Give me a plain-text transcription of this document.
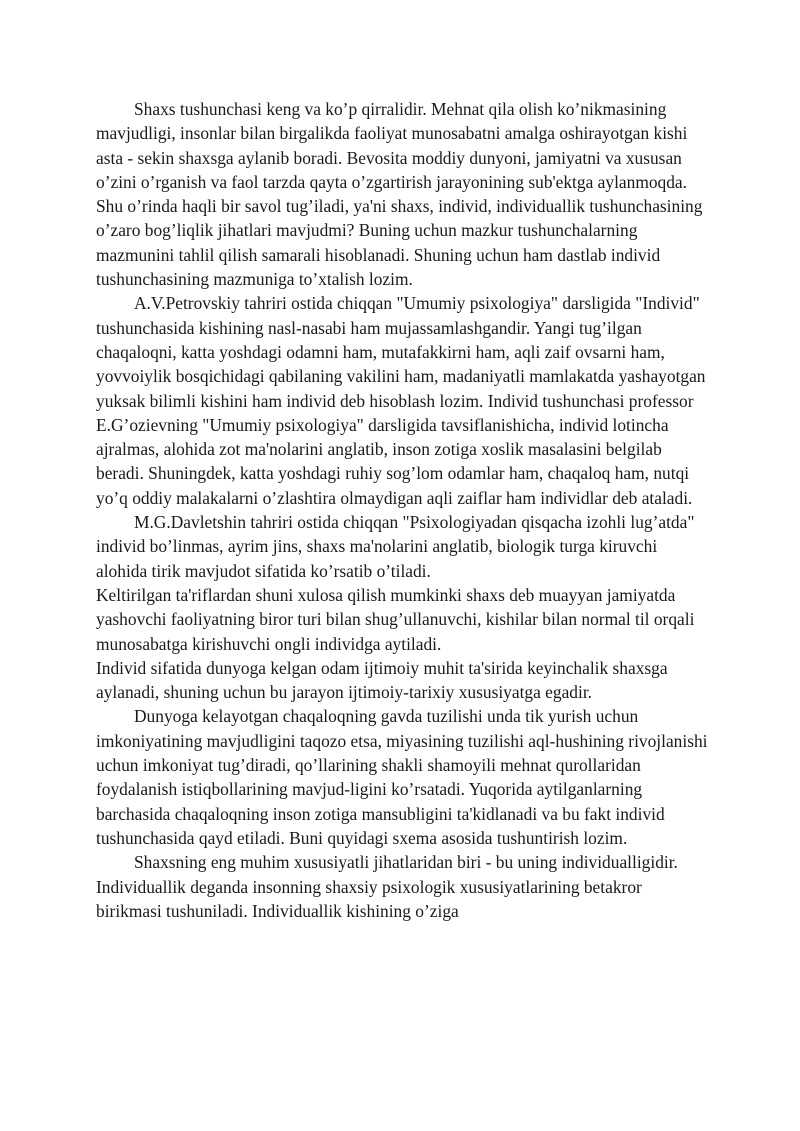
Shaxs tushunchasi keng va ko’p qirralidir. Mehnat qila olish ko’nikmasining mavjudligi, insonlar bilan birgalikda faoliyat munosabatni amalga oshirayotgan kishi asta - sekin shaxsga aylanib boradi. Bevosita moddiy dunyoni, jamiyatni va xususan o’zini o’rganish va faol tarzda qayta o’zgartirish jarayonining sub'ektga aylanmoqda. Shu o’rinda haqli bir savol tug’iladi, ya'ni shaxs, individ, individuallik tushunchasining o’zaro bog’liqlik jihatlari mavjudmi? Buning uchun mazkur tushunchalarning mazmunini tahlil qilish samarali hisoblanadi. Shuning uchun ham dastlab individ tushunchasining mazmuniga to’xtalish lozim.

A.V.Petrovskiy tahriri ostida chiqqan "Umumiy psixologiya" darsligida "Individ" tushunchasida kishining nasl-nasabi ham mujassamlashgandir. Yangi tug’ilgan chaqaloqni, katta yoshdagi odamni ham, mutafakkirni ham, aqli zaif ovsarni ham, yovvoiylik bosqichidagi qabilaning vakilini ham, madaniyatli mamlakatda yashayotgan yuksak bilimli kishini ham individ deb hisoblash lozim. Individ tushunchasi professor E.G’ozievning "Umumiy psixologiya" darsligida tavsiflanishicha, individ lotincha ajralmas, alohida zot ma'nolarini anglatib, inson zotiga xoslik masalasini belgilab beradi. Shuningdek, katta yoshdagi ruhiy sog’lom odamlar ham, chaqaloq ham, nutqi yo’q oddiy malakalarni o’zlashtira olmaydigan aqli zaiflar ham individlar deb ataladi.

M.G.Davletshin tahriri ostida chiqqan "Psixologiyadan qisqacha izohli lug’atda" individ bo’linmas, ayrim jins, shaxs ma'nolarini anglatib, biologik turga kiruvchi alohida tirik mavjudot sifatida ko’rsatib o’tiladi.

Keltirilgan ta'riflardan shuni xulosa qilish mumkinki shaxs deb muayyan jamiyatda yashovchi faoliyatning biror turi bilan shug’ullanuvchi, kishilar bilan normal til orqali munosabatga kirishuvchi ongli individga aytiladi.

Individ sifatida dunyoga kelgan odam ijtimoiy muhit ta'sirida keyinchalik shaxsga aylanadi, shuning uchun bu jarayon ijtimoiy-tarixiy xususiyatga egadir.

Dunyoga kelayotgan chaqaloqning gavda tuzilishi unda tik yurish uchun imkoniyatining mavjudligini taqozo etsa, miyasining tuzilishi aql-hushining rivojlanishi uchun imkoniyat tug’diradi, qo’llarining shakli shamoyili mehnat qurollaridan foydalanish istiqbollarining mavjud-ligini ko’rsatadi. Yuqorida aytilganlarning barchasida chaqaloqning inson zotiga mansubligini ta'kidlanadi va bu fakt individ tushunchasida qayd etiladi. Buni quyidagi sxema asosida tushuntirish lozim.

Shaxsning eng muhim xususiyatli jihatlaridan biri - bu uning individualligidir. Individuallik deganda insonning shaxsiy psixologik xususiyatlarining betakror birikmasi tushuniladi. Individuallik kishining o’ziga
